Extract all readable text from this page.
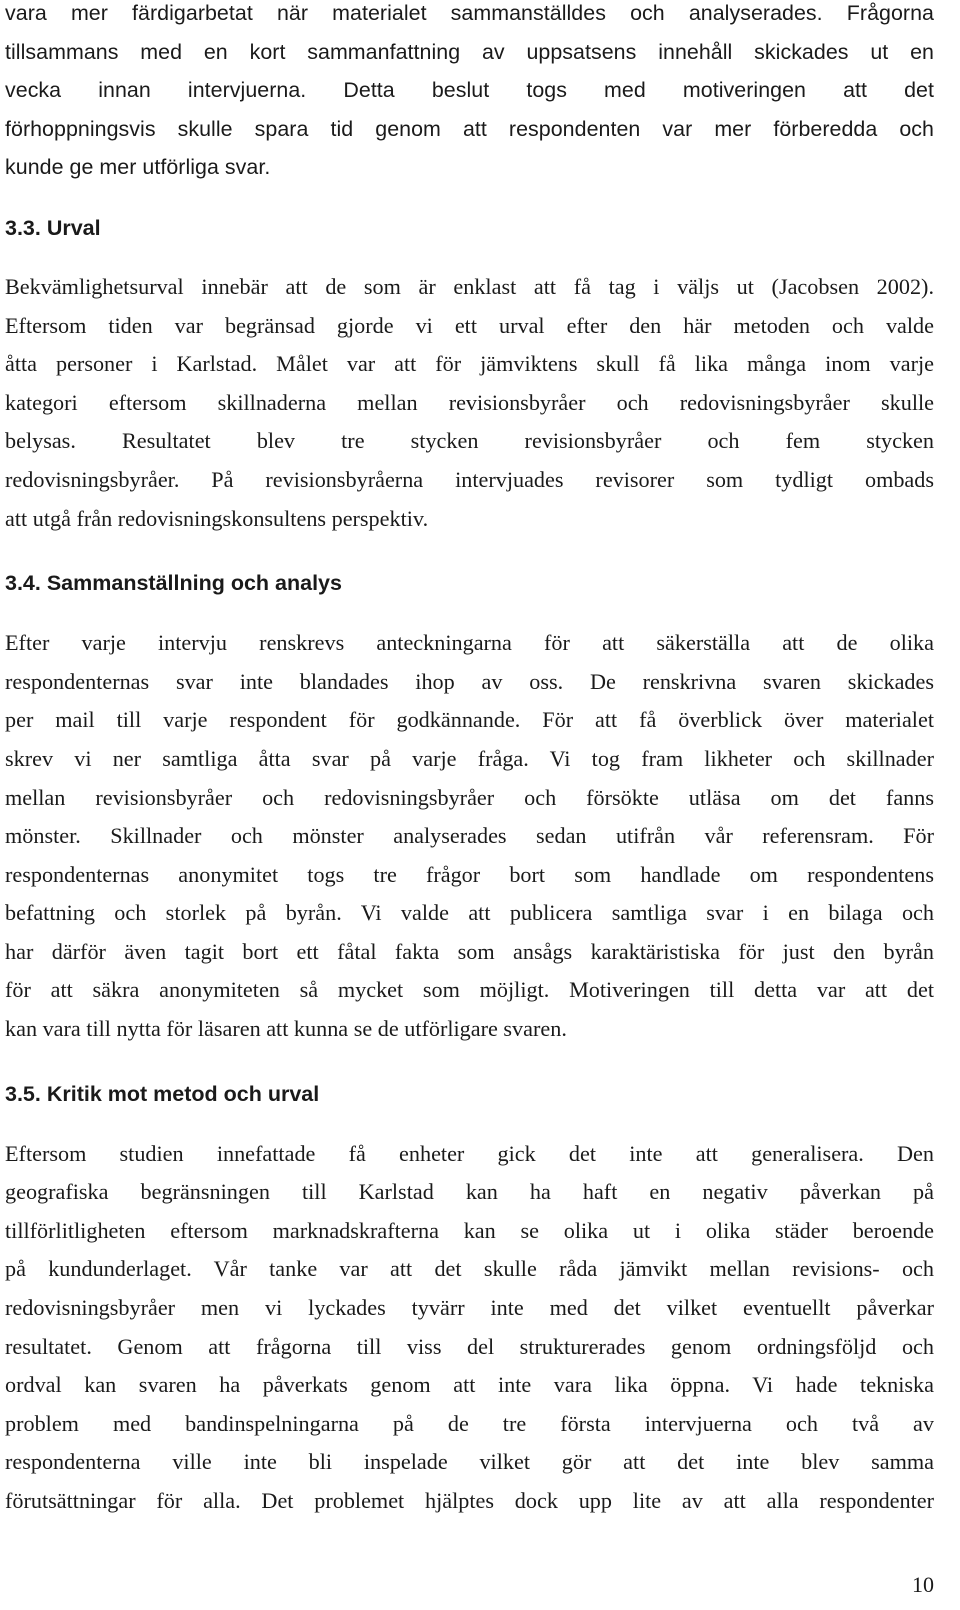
vara mer färdigarbetat när materialet sammanställdes och analyserades. Frågorna
tillsammans med en kort sammanfattning av uppsatsens innehåll skickades ut en
vecka innan intervjuerna. Detta beslut togs med motiveringen att det
förhoppningsvis skulle spara tid genom att respondenten var mer förberedda och
kunde ge mer utförliga svar.

3.3. Urval

Bekvämlighetsurval innebär att de som är enklast att få tag i väljs ut (Jacobsen 2002).
Eftersom tiden var begränsad gjorde vi ett urval efter den här metoden och valde
åtta personer i Karlstad. Målet var att för jämviktens skull få lika många inom varje
kategori eftersom skillnaderna mellan revisionsbyråer och redovisningsbyråer skulle
belysas. Resultatet blev tre stycken revisionsbyråer och fem stycken
redovisningsbyråer. På revisionsbyråerna intervjuades revisorer som tydligt ombads
att utgå från redovisningskonsultens perspektiv.

3.4. Sammanställning och analys

Efter varje intervju renskrevs anteckningarna för att säkerställa att de olika
respondenternas svar inte blandades ihop av oss. De renskrivna svaren skickades
per mail till varje respondent för godkännande. För att få överblick över materialet
skrev vi ner samtliga åtta svar på varje fråga. Vi tog fram likheter och skillnader
mellan revisionsbyråer och redovisningsbyråer och försökte utläsa om det fanns
mönster. Skillnader och mönster analyserades sedan utifrån vår referensram. För
respondenternas anonymitet togs tre frågor bort som handlade om respondentens
befattning och storlek på byrån. Vi valde att publicera samtliga svar i en bilaga och
har därför även tagit bort ett fåtal fakta som ansågs karaktäristiska för just den byrån
för att säkra anonymiteten så mycket som möjligt. Motiveringen till detta var att det
kan vara till nytta för läsaren att kunna se de utförligare svaren.

3.5. Kritik mot metod och urval

Eftersom studien innefattade få enheter gick det inte att generalisera. Den
geografiska begränsningen till Karlstad kan ha haft en negativ påverkan på
tillförlitligheten eftersom marknadskrafterna kan se olika ut i olika städer beroende
på kundunderlaget. Vår tanke var att det skulle råda jämvikt mellan revisions- och
redovisningsbyråer men vi lyckades tyvärr inte med det vilket eventuellt påverkar
resultatet. Genom att frågorna till viss del strukturerades genom ordningsföljd och
ordval kan svaren ha påverkats genom att inte vara lika öppna. Vi hade tekniska
problem med bandinspelningarna på de tre första intervjuerna och två av
respondenterna ville inte bli inspelade vilket gör att det inte blev samma
förutsättningar för alla. Det problemet hjälptes dock upp lite av att alla respondenter

10
